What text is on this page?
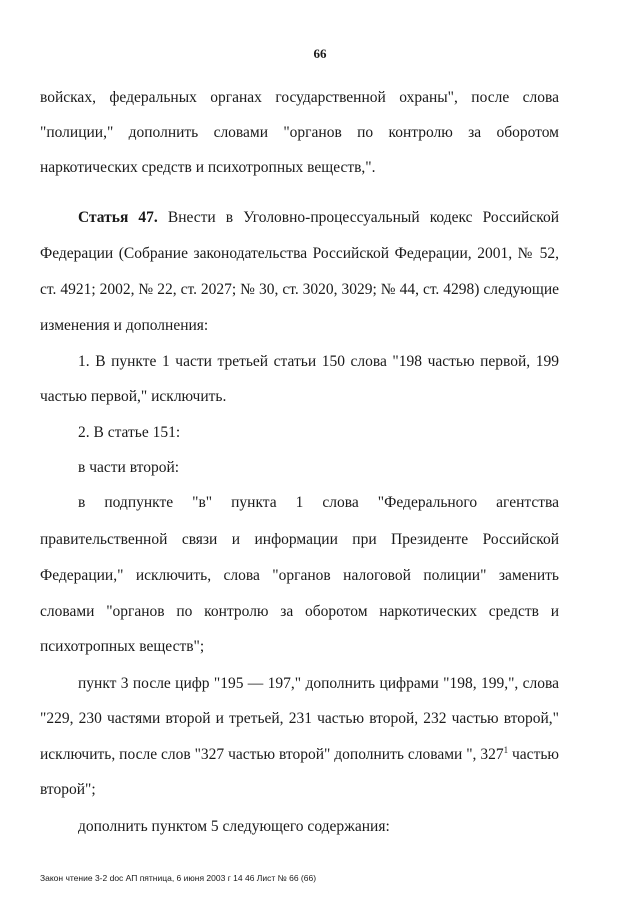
66
войсках, федеральных органах государственной охраны", после слова
"полиции," дополнить словами "органов по контролю за оборотом
наркотических средств и психотропных веществ,".
Статья 47. Внести в Уголовно-процессуальный кодекс Российской
Федерации (Собрание законодательства Российской Федерации, 2001, № 52,
ст. 4921; 2002, № 22, ст. 2027; № 30, ст. 3020, 3029; № 44, ст. 4298) следующие
изменения и дополнения:
1. В пункте 1 части третьей статьи 150 слова "198 частью первой, 199
частью первой," исключить.
2. В статье 151:
в части второй:
в подпункте "в" пункта 1 слова "Федерального агентства
правительственной связи и информации при Президенте Российской
Федерации," исключить, слова "органов налоговой полиции" заменить
словами "органов по контролю за оборотом наркотических средств и
психотропных веществ";
пункт 3 после цифр "195 — 197," дополнить цифрами "198, 199,", слова
"229, 230 частями второй и третьей, 231 частью второй, 232 частью второй,"
исключить, после слов "327 частью второй" дополнить словами ", $327^1$ частью
второй";
дополнить пунктом 5 следующего содержания:
Закон чтение 3-2 doc АП пятница, 6 июня 2003 г 14 46 Лист № 66 (66)
